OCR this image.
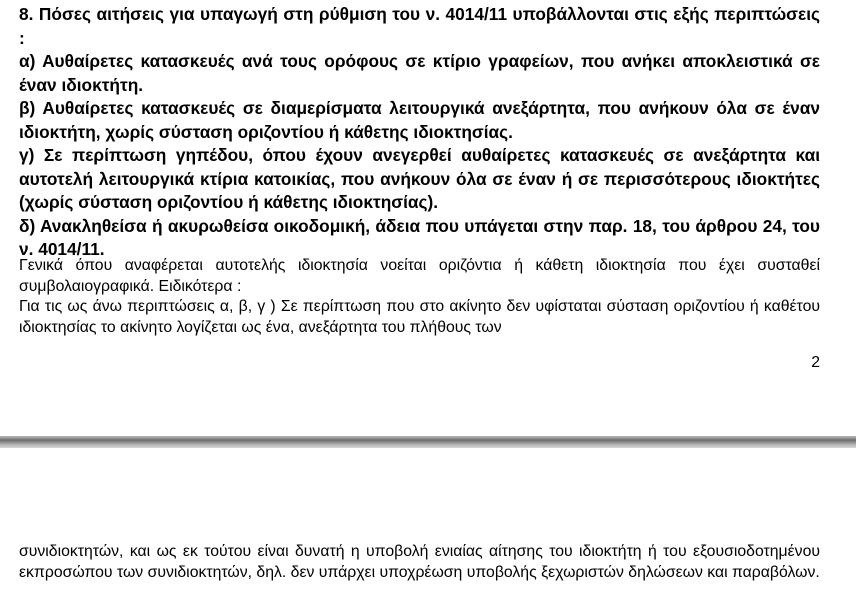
8. Πόσες αιτήσεις για υπαγωγή στη ρύθμιση του ν. 4014/11 υποβάλλονται στις εξής περιπτώσεις :

α) Αυθαίρετες κατασκευές ανά τους ορόφους σε κτίριο γραφείων, που ανήκει αποκλειστικά σε έναν ιδιοκτήτη.

β) Αυθαίρετες κατασκευές σε διαμερίσματα λειτουργικά ανεξάρτητα, που ανήκουν όλα σε έναν ιδιοκτήτη, χωρίς σύσταση οριζοντίου ή κάθετης ιδιοκτησίας.

γ) Σε περίπτωση γηπέδου, όπου έχουν ανεγερθεί αυθαίρετες κατασκευές σε ανεξάρτητα και αυτοτελή λειτουργικά κτίρια κατοικίας, που ανήκουν όλα σε έναν ή σε περισσότερους ιδιοκτήτες (χωρίς σύσταση οριζοντίου ή κάθετης ιδιοκτησίας).

δ) Ανακληθείσα ή ακυρωθείσα οικοδομική, άδεια που υπάγεται στην παρ. 18, του άρθρου 24, του ν. 4014/11.

Γενικά όπου αναφέρεται αυτοτελής ιδιοκτησία νοείται οριζόντια ή κάθετη ιδιοκτησία που έχει συσταθεί συμβολαιογραφικά. Ειδικότερα :

Για τις ως άνω περιπτώσεις α, β, γ ) Σε περίπτωση που στο ακίνητο δεν υφίσταται σύσταση οριζοντίου ή καθέτου ιδιοκτησίας το ακίνητο λογίζεται ως ένα, ανεξάρτητα του πλήθους των

2

συνιδιοκτητών, και ως εκ τούτου είναι δυνατή η υποβολή ενιαίας αίτησης του ιδιοκτήτη ή του εξουσιοδοτημένου εκπροσώπου των συνιδιοκτητών, δηλ. δεν υπάρχει υποχρέωση υποβολής ξεχωριστών δηλώσεων και παραβόλων.
